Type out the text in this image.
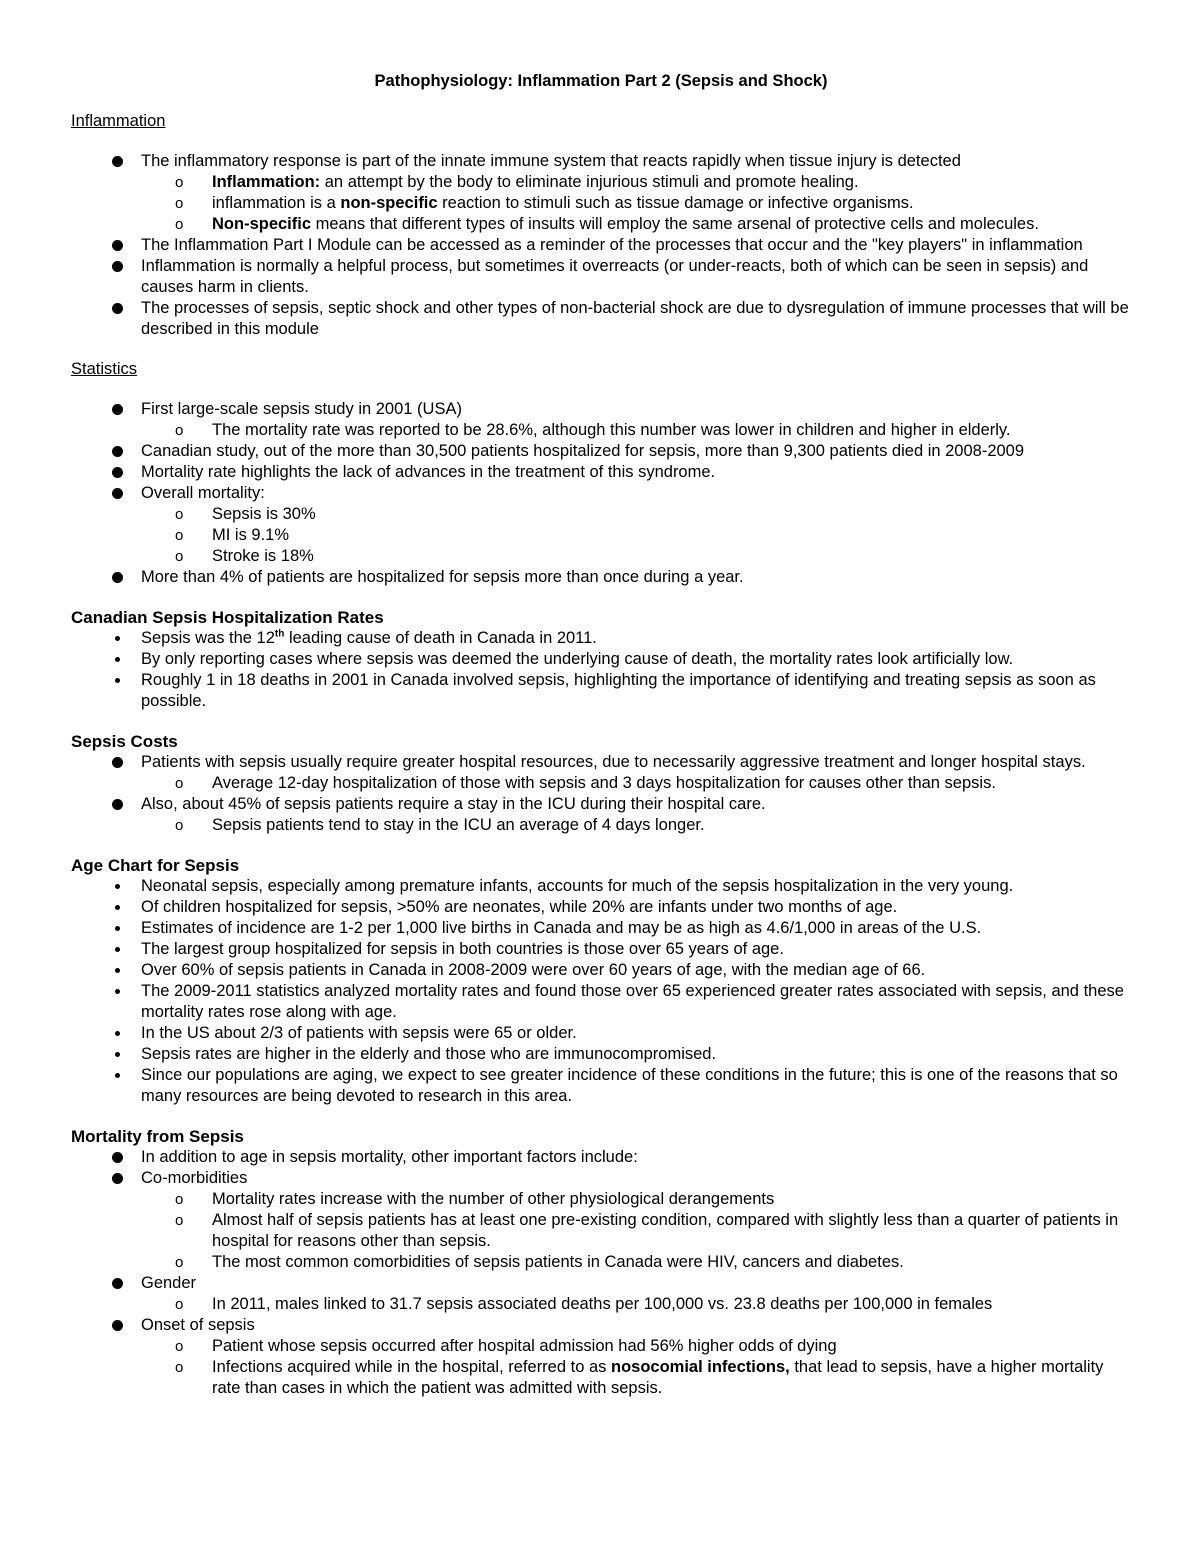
Pathophysiology: Inflammation Part 2 (Sepsis and Shock)
Inflammation
The inflammatory response is part of the innate immune system that reacts rapidly when tissue injury is detected
o Inflammation: an attempt by the body to eliminate injurious stimuli and promote healing.
o inflammation is a non-specific reaction to stimuli such as tissue damage or infective organisms.
o Non-specific means that different types of insults will employ the same arsenal of protective cells and molecules.
The Inflammation Part I Module can be accessed as a reminder of the processes that occur and the "key players" in inflammation
Inflammation is normally a helpful process, but sometimes it overreacts (or under-reacts, both of which can be seen in sepsis) and causes harm in clients.
The processes of sepsis, septic shock and other types of non-bacterial shock are due to dysregulation of immune processes that will be described in this module
Statistics
First large-scale sepsis study in 2001 (USA)
o The mortality rate was reported to be 28.6%, although this number was lower in children and higher in elderly.
Canadian study, out of the more than 30,500 patients hospitalized for sepsis, more than 9,300 patients died in 2008-2009
Mortality rate highlights the lack of advances in the treatment of this syndrome.
Overall mortality:
o Sepsis is 30%
o MI is 9.1%
o Stroke is 18%
More than 4% of patients are hospitalized for sepsis more than once during a year.
Canadian Sepsis Hospitalization Rates
Sepsis was the 12th leading cause of death in Canada in 2011.
By only reporting cases where sepsis was deemed the underlying cause of death, the mortality rates look artificially low.
Roughly 1 in 18 deaths in 2001 in Canada involved sepsis, highlighting the importance of identifying and treating sepsis as soon as possible.
Sepsis Costs
Patients with sepsis usually require greater hospital resources, due to necessarily aggressive treatment and longer hospital stays.
o Average 12-day hospitalization of those with sepsis and 3 days hospitalization for causes other than sepsis.
Also, about 45% of sepsis patients require a stay in the ICU during their hospital care.
o Sepsis patients tend to stay in the ICU an average of 4 days longer.
Age Chart for Sepsis
Neonatal sepsis, especially among premature infants, accounts for much of the sepsis hospitalization in the very young.
Of children hospitalized for sepsis, >50% are neonates, while 20% are infants under two months of age.
Estimates of incidence are 1-2 per 1,000 live births in Canada and may be as high as 4.6/1,000 in areas of the U.S.
The largest group hospitalized for sepsis in both countries is those over 65 years of age.
Over 60% of sepsis patients in Canada in 2008-2009 were over 60 years of age, with the median age of 66.
The 2009-2011 statistics analyzed mortality rates and found those over 65 experienced greater rates associated with sepsis, and these mortality rates rose along with age.
In the US about 2/3 of patients with sepsis were 65 or older.
Sepsis rates are higher in the elderly and those who are immunocompromised.
Since our populations are aging, we expect to see greater incidence of these conditions in the future; this is one of the reasons that so many resources are being devoted to research in this area.
Mortality from Sepsis
In addition to age in sepsis mortality, other important factors include:
Co-morbidities
o Mortality rates increase with the number of other physiological derangements
o Almost half of sepsis patients has at least one pre-existing condition, compared with slightly less than a quarter of patients in hospital for reasons other than sepsis.
o The most common comorbidities of sepsis patients in Canada were HIV, cancers and diabetes.
Gender
o In 2011, males linked to 31.7 sepsis associated deaths per 100,000 vs. 23.8 deaths per 100,000 in females
Onset of sepsis
o Patient whose sepsis occurred after hospital admission had 56% higher odds of dying
o Infections acquired while in the hospital, referred to as nosocomial infections, that lead to sepsis, have a higher mortality rate than cases in which the patient was admitted with sepsis.
